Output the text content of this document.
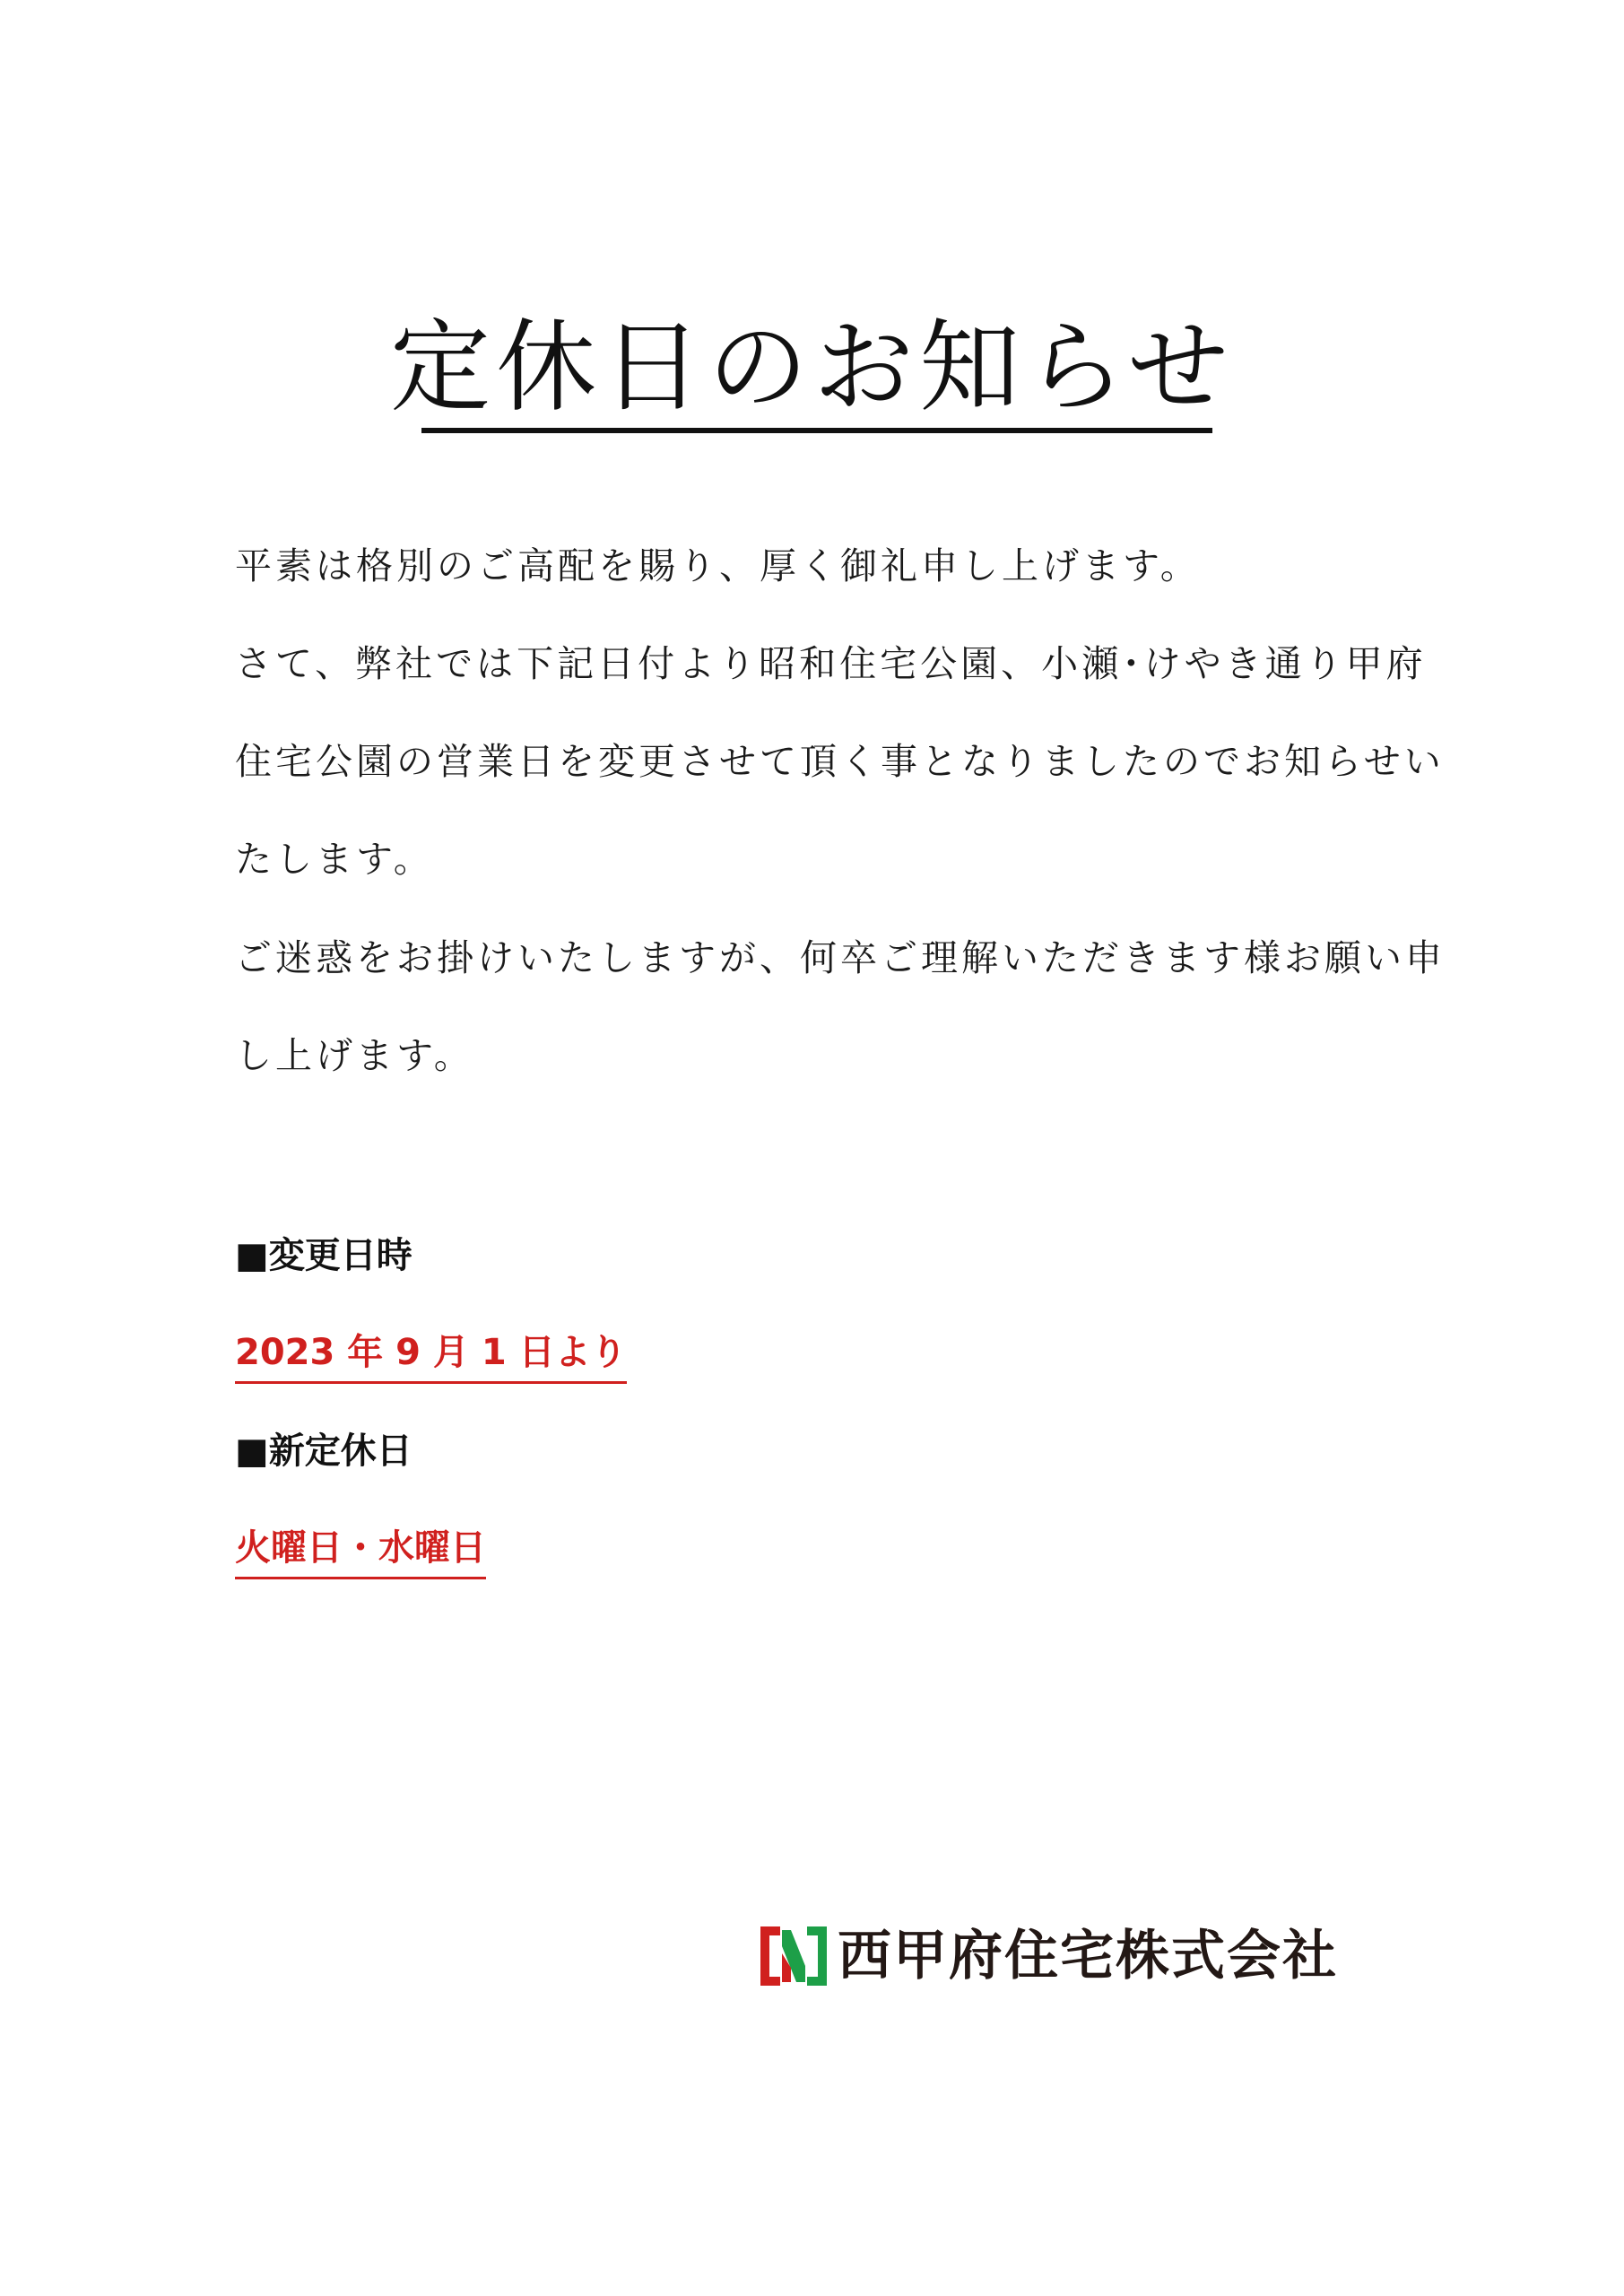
定休日のお知らせ
平素は格別のご高配を賜り、厚く御礼申し上げます。
さて、弊社では下記日付より昭和住宅公園、小瀬･けやき通り甲府
住宅公園の営業日を変更させて頂く事となりましたのでお知らせい
たします。
ご迷惑をお掛けいたしますが、何卒ご理解いただきます様お願い申
し上げます。
■変更日時
2023 年 9 月 1 日より
■新定休日
火曜日・水曜日
西甲府住宅株式会社
